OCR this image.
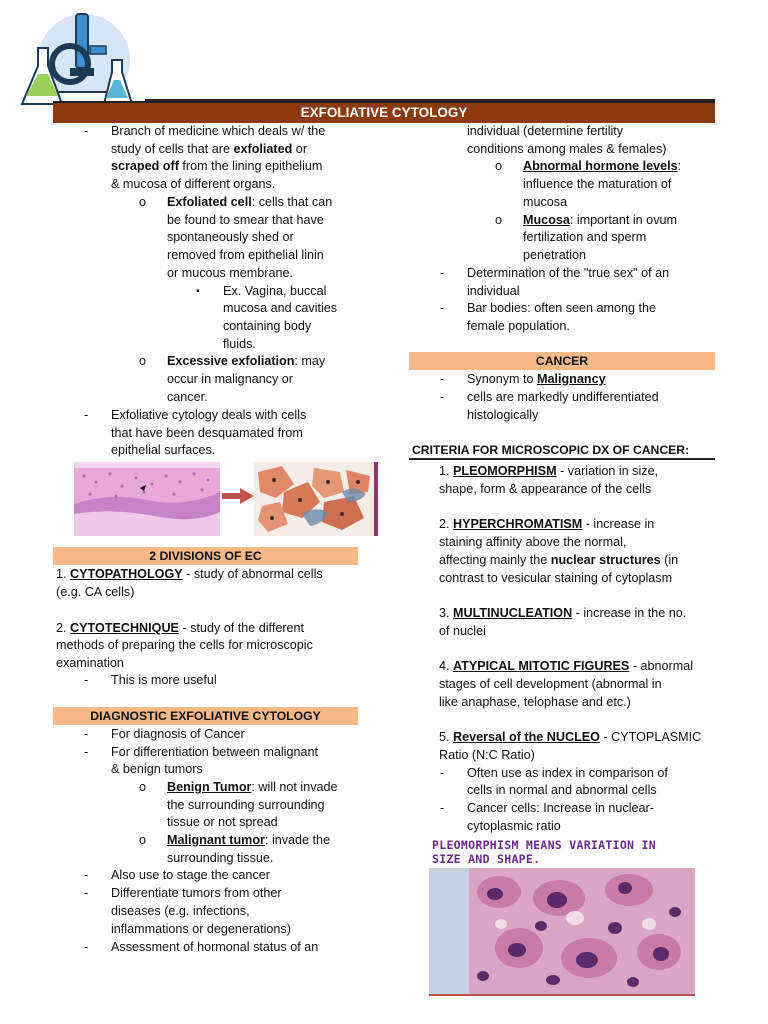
EXFOLIATIVE CYTOLOGY
- Branch of medicine which deals w/ the
study of cells that are exfoliated or
scraped off from the lining epithelium
& mucosa of different organs.
o Exfoliated cell: cells that can
be found to smear that have
spontaneously shed or
removed from epithelial linin
or mucous membrane.
▪ Ex. Vagina, buccal
mucosa and cavities
containing body
fluids.
o Excessive exfoliation: may
occur in malignancy or
cancer.
- Exfoliative cytology deals with cells
that have been desquamated from
epithelial surfaces.
2 DIVISIONS OF EC
1. CYTOPATHOLOGY - study of abnormal cells
(e.g. CA cells)
2. CYTOTECHNIQUE - study of the different
methods of preparing the cells for microscopic
examination
- This is more useful
DIAGNOSTIC EXFOLIATIVE CYTOLOGY
- For diagnosis of Cancer
- For differentiation between malignant
& benign tumors
o Benign Tumor: will not invade
the surrounding surrounding
tissue or not spread
o Malignant tumor: invade the
surrounding tissue.
- Also use to stage the cancer
- Differentiate tumors from other
diseases (e.g. infections,
inflammations or degenerations)
- Assessment of hormonal status of an
individual (determine fertility
conditions among males & females)
o Abnormal hormone levels:
influence the maturation of
mucosa
o Mucosa: important in ovum
fertilization and sperm
penetration
- Determination of the "true sex" of an
individual
- Bar bodies: often seen among the
female population.
CANCER
- Synonym to Malignancy
- cells are markedly undifferentiated
histologically
CRITERIA FOR MICROSCOPIC DX OF CANCER:
1. PLEOMORPHISM - variation in size,
shape, form & appearance of the cells
2. HYPERCHROMATISM - increase in
staining affinity above the normal,
affecting mainly the nuclear structures (in
contrast to vesicular staining of cytoplasm
3. MULTINUCLEATION - increase in the no.
of nuclei
4. ATYPICAL MITOTIC FIGURES - abnormal
stages of cell development (abnormal in
like anaphase, telophase and etc.)
5. Reversal of the NUCLEO - CYTOPLASMIC
Ratio (N:C Ratio)
- Often use as index in comparison of
cells in normal and abnormal cells
- Cancer cells: Increase in nuclear-
cytoplasmic ratio
PLEOMORPHISM MEANS VARIATION IN
SIZE AND SHAPE.
